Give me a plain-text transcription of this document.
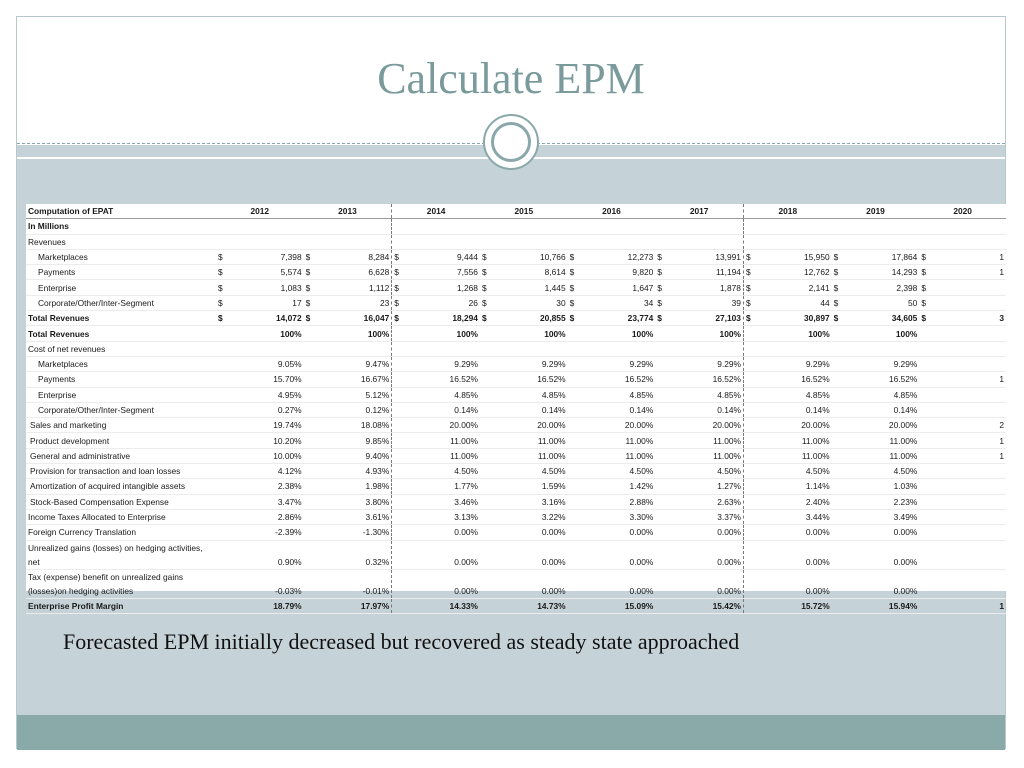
Calculate EPM
Computation of EPAT	2012		2013		2014		2015		2016		2017		2018		2019		2020	
In Millions																		
Revenues																		
Marketplaces	$	7,398	$	8,284	$	9,444	$	10,766	$	12,273	$	13,991	$	15,950	$	17,864	$	1
Payments	$	5,574	$	6,628	$	7,556	$	8,614	$	9,820	$	11,194	$	12,762	$	14,293	$	1
Enterprise	$	1,083	$	1,112	$	1,268	$	1,445	$	1,647	$	1,878	$	2,141	$	2,398	$	
Corporate/Other/Inter-Segment	$	17	$	23	$	26	$	30	$	34	$	39	$	44	$	50	$	
Total Revenues	$	14,072	$	16,047	$	18,294	$	20,855	$	23,774	$	27,103	$	30,897	$	34,605	$	3
Total Revenues		100%		100%		100%		100%		100%		100%		100%		100%		
Cost of net revenues																		
Marketplaces		9.05%		9.47%		9.29%		9.29%		9.29%		9.29%		9.29%		9.29%		
Payments		15.70%		16.67%		16.52%		16.52%		16.52%		16.52%		16.52%		16.52%		1
Enterprise		4.95%		5.12%		4.85%		4.85%		4.85%		4.85%		4.85%		4.85%		
Corporate/Other/Inter-Segment		0.27%		0.12%		0.14%		0.14%		0.14%		0.14%		0.14%		0.14%		
Sales and marketing		19.74%		18.08%		20.00%		20.00%		20.00%		20.00%		20.00%		20.00%		2
Product development		10.20%		9.85%		11.00%		11.00%		11.00%		11.00%		11.00%		11.00%		1
General and administrative		10.00%		9.40%		11.00%		11.00%		11.00%		11.00%		11.00%		11.00%		1
Provision for transaction and loan losses		4.12%		4.93%		4.50%		4.50%		4.50%		4.50%		4.50%		4.50%		
Amortization of acquired intangible assets		2.38%		1.98%		1.77%		1.59%		1.42%		1.27%		1.14%		1.03%		
Stock-Based Compensation Expense		3.47%		3.80%		3.46%		3.16%		2.88%		2.63%		2.40%		2.23%		
Income Taxes Allocated to Enterprise		2.86%		3.61%		3.13%		3.22%		3.30%		3.37%		3.44%		3.49%		
Foreign Currency Translation		-2.39%		-1.30%		0.00%		0.00%		0.00%		0.00%		0.00%		0.00%		
Unrealized gains (losses) on hedging activities, net		0.90%		0.32%		0.00%		0.00%		0.00%		0.00%		0.00%		0.00%		
Tax (expense) benefit on unrealized gains (losses)on hedging activities		-0.03%		-0.01%		0.00%		0.00%		0.00%		0.00%		0.00%		0.00%		
Enterprise Profit Margin		18.79%		17.97%		14.33%		14.73%		15.09%		15.42%		15.72%		15.94%		1
Forecasted EPM initially decreased but recovered as steady state approached
